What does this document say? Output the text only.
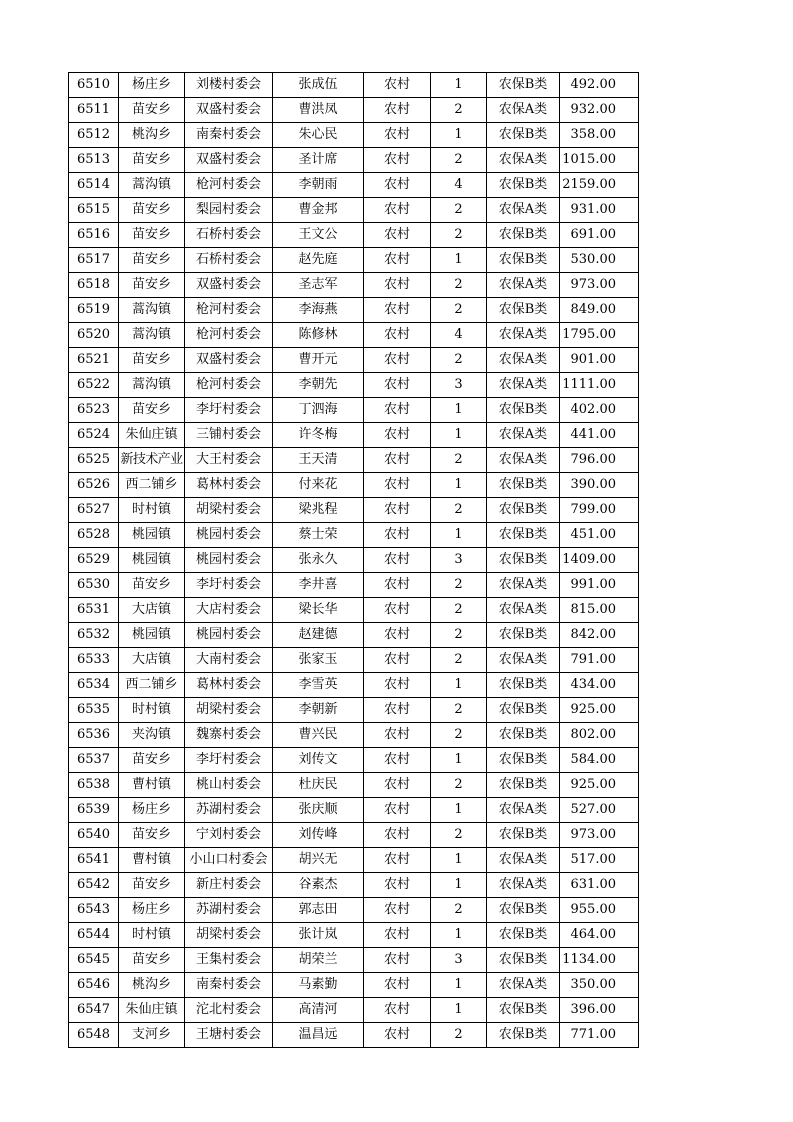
6510	杨庄乡	刘楼村委会	张成伍	农村	1	农保B类	492.00
6511	苗安乡	双盛村委会	曹洪凤	农村	2	农保A类	932.00
6512	桃沟乡	南秦村委会	朱心民	农村	1	农保B类	358.00
6513	苗安乡	双盛村委会	圣计席	农村	2	农保A类	1015.00
6514	蒿沟镇	枪河村委会	李朝雨	农村	4	农保B类	2159.00
6515	苗安乡	梨园村委会	曹金邦	农村	2	农保A类	931.00
6516	苗安乡	石桥村委会	王文公	农村	2	农保B类	691.00
6517	苗安乡	石桥村委会	赵先庭	农村	1	农保B类	530.00
6518	苗安乡	双盛村委会	圣志军	农村	2	农保A类	973.00
6519	蒿沟镇	枪河村委会	李海燕	农村	2	农保B类	849.00
6520	蒿沟镇	枪河村委会	陈修林	农村	4	农保A类	1795.00
6521	苗安乡	双盛村委会	曹开元	农村	2	农保A类	901.00
6522	蒿沟镇	枪河村委会	李朝先	农村	3	农保A类	1111.00
6523	苗安乡	李圩村委会	丁泗海	农村	1	农保B类	402.00
6524	朱仙庄镇	三铺村委会	许冬梅	农村	1	农保A类	441.00
6525	新技术产业	大王村委会	王天清	农村	2	农保A类	796.00
6526	西二铺乡	葛林村委会	付来花	农村	1	农保B类	390.00
6527	时村镇	胡梁村委会	梁兆程	农村	2	农保B类	799.00
6528	桃园镇	桃园村委会	蔡士荣	农村	1	农保B类	451.00
6529	桃园镇	桃园村委会	张永久	农村	3	农保B类	1409.00
6530	苗安乡	李圩村委会	李井喜	农村	2	农保A类	991.00
6531	大店镇	大店村委会	梁长华	农村	2	农保A类	815.00
6532	桃园镇	桃园村委会	赵建德	农村	2	农保B类	842.00
6533	大店镇	大南村委会	张家玉	农村	2	农保A类	791.00
6534	西二铺乡	葛林村委会	李雪英	农村	1	农保B类	434.00
6535	时村镇	胡梁村委会	李朝新	农村	2	农保B类	925.00
6536	夹沟镇	魏寨村委会	曹兴民	农村	2	农保B类	802.00
6537	苗安乡	李圩村委会	刘传文	农村	1	农保B类	584.00
6538	曹村镇	桃山村委会	杜庆民	农村	2	农保B类	925.00
6539	杨庄乡	苏湖村委会	张庆顺	农村	1	农保A类	527.00
6540	苗安乡	宁刘村委会	刘传峰	农村	2	农保B类	973.00
6541	曹村镇	小山口村委会	胡兴无	农村	1	农保A类	517.00
6542	苗安乡	新庄村委会	谷素杰	农村	1	农保A类	631.00
6543	杨庄乡	苏湖村委会	郭志田	农村	2	农保B类	955.00
6544	时村镇	胡梁村委会	张计岚	农村	1	农保B类	464.00
6545	苗安乡	王集村委会	胡荣兰	农村	3	农保B类	1134.00
6546	桃沟乡	南秦村委会	马素勤	农村	1	农保A类	350.00
6547	朱仙庄镇	沱北村委会	高清河	农村	1	农保B类	396.00
6548	支河乡	王塘村委会	温昌远	农村	2	农保B类	771.00
